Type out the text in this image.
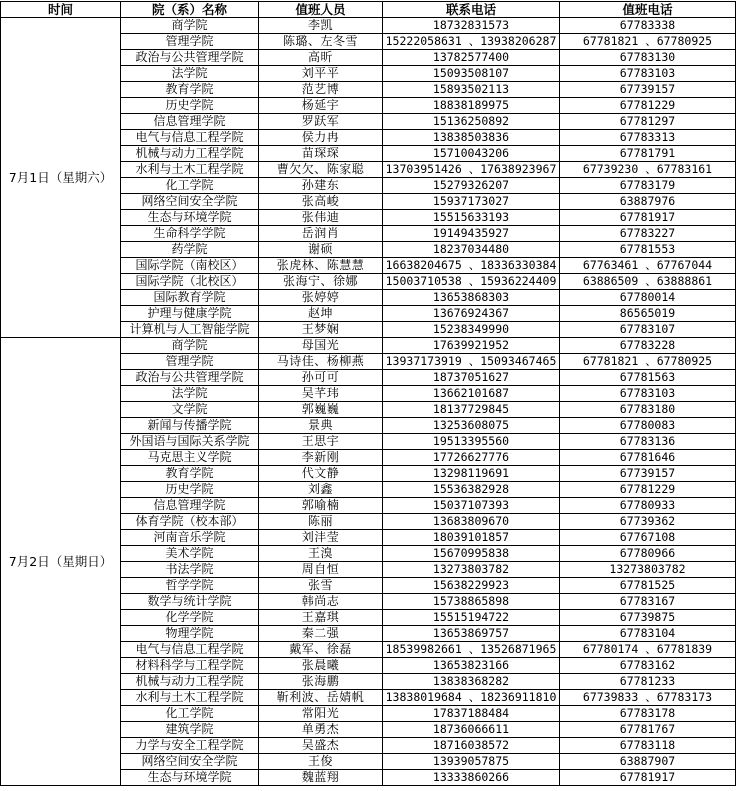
时间	院（系）名称	值班人员	联系电话	值班电话
7月1日（星期六）	商学院	李凯	18732831573	67783338
	管理学院	陈璐、左冬雪	15222058631 、13938206287	67781821 、67780925
	政治与公共管理学院	高昕	13782577400	67783130
	法学院	刘平平	15093508107	67783103
	教育学院	范艺博	15893502113	67739157
	历史学院	杨延宇	18838189975	67781229
	信息管理学院	罗跃军	15136250892	67781297
	电气与信息工程学院	侯力冉	13838503836	67783313
	机械与动力工程学院	苗琛琛	15710043206	67781791
	水利与土木工程学院	曹欠欠、陈家聪	13703951426 、17638923967	67739230 、67783161
	化工学院	孙建东	15279326207	67783179
	网络空间安全学院	张高峻	15937173027	63887976
	生态与环境学院	张伟迪	15515633193	67781917
	生命科学学院	岳润肖	19149435927	67783227
	药学院	谢硕	18237034480	67781553
	国际学院（南校区）	张虎林、陈慧慧	16638204675 、18336330384	67763461 、67767044
	国际学院（北校区）	张海宁、徐娜	15003710538 、15936224409	63886509 、63888861
	国际教育学院	张婷婷	13653868303	67780014
	护理与健康学院	赵坤	13676924367	86565019
	计算机与人工智能学院	王梦娴	15238349990	67783107
7月2日（星期日）	商学院	母国光	17639921952	67783228
	管理学院	马诗佳、杨柳燕	13937173919 、15093467465	67781821 、67780925
	政治与公共管理学院	孙可可	18737051627	67781563
	法学院	吴芊玮	13662101687	67783103
	文学院	郭巍巍	18137729845	67783180
	新闻与传播学院	景典	13253608075	67780083
	外国语与国际关系学院	王思宇	19513395560	67783136
	马克思主义学院	李新刚	17726627776	67781646
	教育学院	代文静	13298119691	67739157
	历史学院	刘鑫	15536382928	67781229
	信息管理学院	郭喻楠	15037107393	67780933
	体育学院（校本部）	陈丽	13683809670	67739362
	河南音乐学院	刘沣莹	18039101857	67767108
	美术学院	王溴	15670995838	67780966
	书法学院	周自恒	13273803782	13273803782
	哲学学院	张雪	15638229923	67781525
	数学与统计学院	韩尚志	15738865898	67783167
	化学学院	王嘉琪	15515194722	67739875
	物理学院	秦二强	13653869757	67783104
	电气与信息工程学院	戴军、徐磊	18539982661 、13526871965	67780174 、67781839
	材料科学与工程学院	张晨曦	13653823166	67783162
	机械与动力工程学院	张海鹏	13838368282	67781233
	水利与土木工程学院	靳利波、岳婧帆	13838019684 、18236911810	67739833 、67783173
	化工学院	常阳光	17837188484	67783178
	建筑学院	单勇杰	18736066611	67781767
	力学与安全工程学院	吴盛杰	18716038572	67783118
	网络空间安全学院	王俊	13939057875	63887907
	生态与环境学院	魏蓝翔	13333860266	67781917
